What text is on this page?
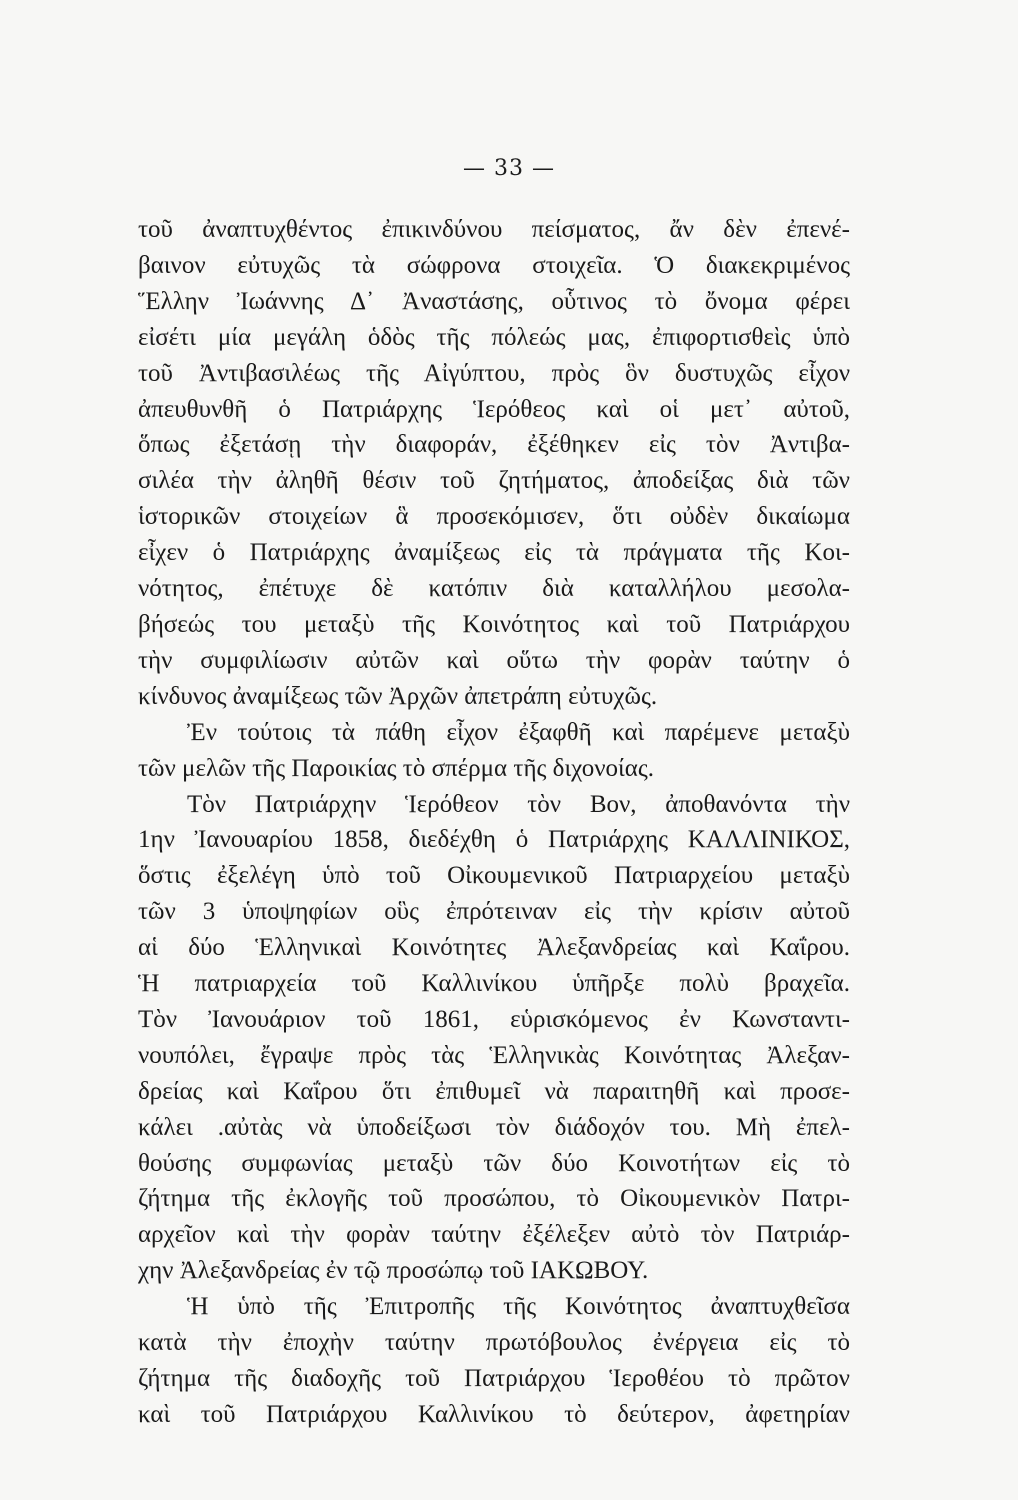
— 33 —
τοῦ ἀναπτυχθέντος ἐπικινδύνου πείσματος, ἄν δὲν ἐπενέ-
βαινον εὐτυχῶς τὰ σώφρονα στοιχεῖα. Ὁ διακεκριμένος
Ἕλλην Ἰωάννης Δ᾽ Ἀναστάσης, οὗτινος τὸ ὄνομα φέρει
εἰσέτι μία μεγάλη ὁδὸς τῆς πόλεώς μας, ἐπιφορτισθεὶς ὑπὸ
τοῦ Ἀντιβασιλέως τῆς Αἰγύπτου, πρὸς ὃν δυστυχῶς εἶχον
ἀπευθυνθῆ ὁ Πατριάρχης Ἱερόθεος καὶ οἱ μετ᾽ αὐτοῦ,
ὅπως ἐξετάσῃ τὴν διαφοράν, ἐξέθηκεν εἰς τὸν Ἀντιβα-
σιλέα τὴν ἀληθῆ θέσιν τοῦ ζητήματος, ἀποδείξας διὰ τῶν
ἱστορικῶν στοιχείων ἃ προσεκόμισεν, ὅτι οὐδὲν δικαίωμα
εἶχεν ὁ Πατριάρχης ἀναμίξεως εἰς τὰ πράγματα τῆς Κοι-
νότητος, ἐπέτυχε δὲ κατόπιν διὰ καταλλήλου μεσολα-
βήσεώς του μεταξὺ τῆς Κοινότητος καὶ τοῦ Πατριάρχου
τὴν συμφιλίωσιν αὐτῶν καὶ οὕτω τὴν φορὰν ταύτην ὁ
κίνδυνος ἀναμίξεως τῶν Ἀρχῶν ἀπετράπη εὐτυχῶς.
Ἐν τούτοις τὰ πάθη εἶχον ἐξαφθῆ καὶ παρέμενε μεταξὺ
τῶν μελῶν τῆς Παροικίας τὸ σπέρμα τῆς διχονοίας.
Τὸν Πατριάρχην Ἱερόθεον τὸν Βον, ἀποθανόντα τὴν
1ην Ἰανουαρίου 1858, διεδέχθη ὁ Πατριάρχης ΚΑΛΛΙΝΙΚΟΣ,
ὅστις ἐξελέγη ὑπὸ τοῦ Οἰκουμενικοῦ Πατριαρχείου μεταξὺ
τῶν 3 ὑποψηφίων οὓς ἐπρότειναν εἰς τὴν κρίσιν αὐτοῦ
αἱ δύο Ἑλληνικαὶ Κοινότητες Ἀλεξανδρείας καὶ Καΐρου.
Ἡ πατριαρχεία τοῦ Καλλινίκου ὑπῆρξε πολὺ βραχεῖα.
Τὸν Ἰανουάριον τοῦ 1861, εὑρισκόμενος ἐν Κωνσταντι-
νουπόλει, ἔγραψε πρὸς τὰς Ἑλληνικὰς Κοινότητας Ἀλεξαν-
δρείας καὶ Καΐρου ὅτι ἐπιθυμεῖ νὰ παραιτηθῆ καὶ προσε-
κάλει .αὐτὰς νὰ ὑποδείξωσι τὸν διάδοχόν του. Μὴ ἐπελ-
θούσης συμφωνίας μεταξὺ τῶν δύο Κοινοτήτων εἰς τὸ
ζήτημα τῆς ἐκλογῆς τοῦ προσώπου, τὸ Οἰκουμενικὸν Πατρι-
αρχεῖον καὶ τὴν φορὰν ταύτην ἐξέλεξεν αὐτὸ τὸν Πατριάρ-
χην Ἀλεξανδρείας ἐν τῷ προσώπῳ τοῦ ΙΑΚΩΒΟΥ.
Ἡ ὑπὸ τῆς Ἐπιτροπῆς τῆς Κοινότητος ἀναπτυχθεῖσα
κατὰ τὴν ἐποχὴν ταύτην πρωτόβουλος ἐνέργεια εἰς τὸ
ζήτημα τῆς διαδοχῆς τοῦ Πατριάρχου Ἱεροθέου τὸ πρῶτον
καὶ τοῦ Πατριάρχου Καλλινίκου τὸ δεύτερον, ἀφετηρίαν
